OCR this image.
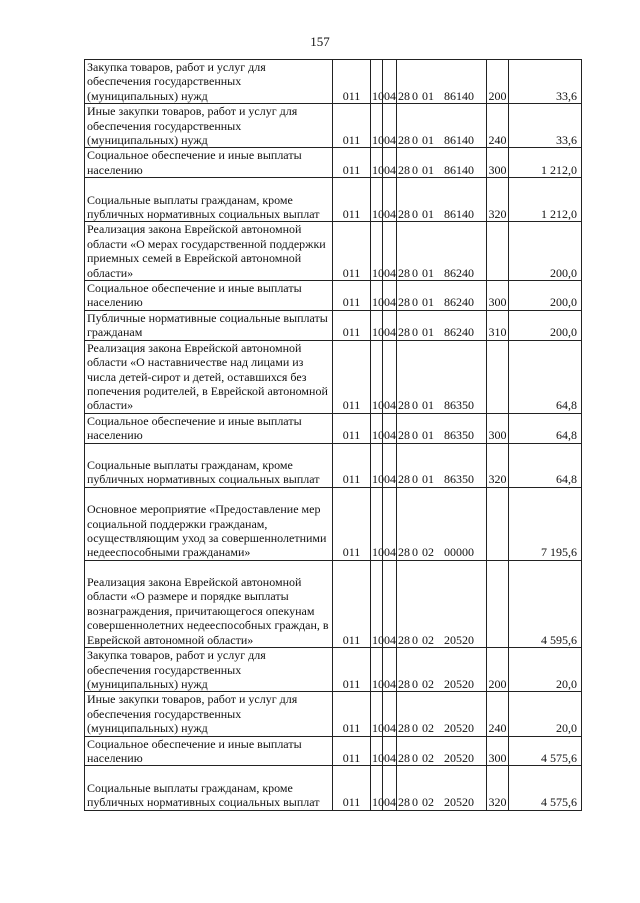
157
Закупка товаров, работ и услуг для обеспечения государственных (муниципальных) нужд	011	10	04	28 0 01 86140	200	33,6
Иные закупки товаров, работ и услуг для обеспечения государственных (муниципальных) нужд	011	10	04	28 0 01 86140	240	33,6
Социальное обеспечение и иные выплаты населению	011	10	04	28 0 01 86140	300	1 212,0
Социальные выплаты гражданам, кроме публичных нормативных социальных выплат	011	10	04	28 0 01 86140	320	1 212,0
Реализация закона Еврейской автономной области «О мерах государственной поддержки приемных семей в Еврейской автономной области»	011	10	04	28 0 01 86240		200,0
Социальное обеспечение и иные выплаты населению	011	10	04	28 0 01 86240	300	200,0
Публичные нормативные социальные выплаты гражданам	011	10	04	28 0 01 86240	310	200,0
Реализация закона Еврейской автономной области «О наставничестве над лицами из числа детей-сирот и детей, оставшихся без попечения родителей, в Еврейской автономной области»	011	10	04	28 0 01 86350		64,8
Социальное обеспечение и иные выплаты населению	011	10	04	28 0 01 86350	300	64,8
Социальные выплаты гражданам, кроме публичных нормативных социальных выплат	011	10	04	28 0 01 86350	320	64,8
Основное мероприятие «Предоставление мер социальной поддержки гражданам, осуществляющим уход за совершеннолетними недееспособными гражданами»	011	10	04	28 0 02 00000		7 195,6
Реализация закона Еврейской автономной области «О размере и порядке выплаты вознаграждения, причитающегося опекунам совершеннолетних недееспособных граждан, в Еврейской автономной области»	011	10	04	28 0 02 20520		4 595,6
Закупка товаров, работ и услуг для обеспечения государственных (муниципальных) нужд	011	10	04	28 0 02 20520	200	20,0
Иные закупки товаров, работ и услуг для обеспечения государственных (муниципальных) нужд	011	10	04	28 0 02 20520	240	20,0
Социальное обеспечение и иные выплаты населению	011	10	04	28 0 02 20520	300	4 575,6
Социальные выплаты гражданам, кроме публичных нормативных социальных выплат	011	10	04	28 0 02 20520	320	4 575,6
